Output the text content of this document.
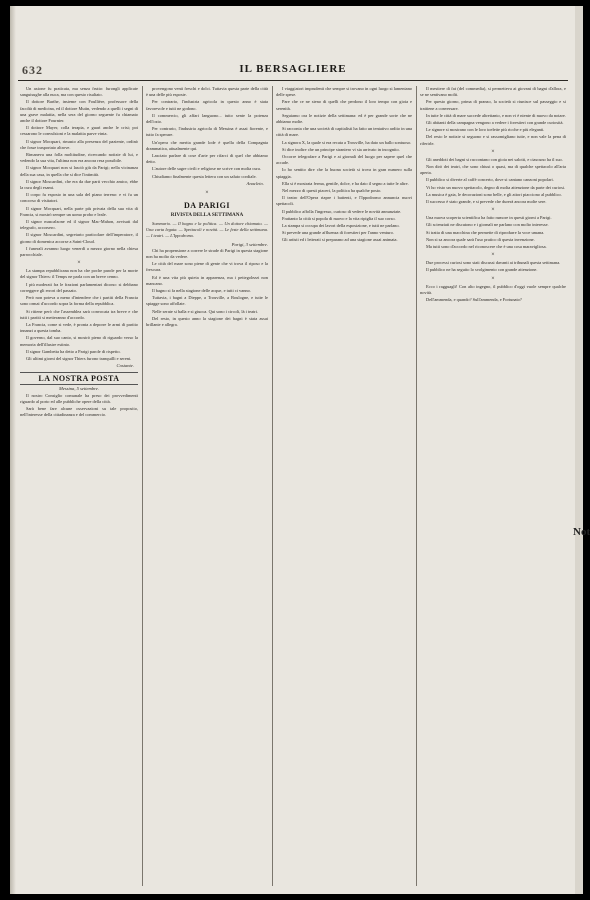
632	IL BERSAGLIERE

Un axione fu praticata, ma senza frutto: furongli applicate sanguisughe alla nuca, ma con questo risultato.

Il dottore Barthe, insieme con Foullière, professore della facoltà di medicina, ed il dottore Mutin, vedendo a quelli i segni di una grave malattia, nella sera del giorno seguente fu chiamato anche il dottore Fournier.

Il dottore Mayer, colla terapia, e guarì anche le crisi; poi cessarono le convulsioni e la malattia parve vinta.

Il signor Mocquart, rimasto alla presenza del paziente, ordinò che fosse trasportato altrove.

Rimaneva una folla moltitudine, ricercando notizie di lui, e vedendo la sua vita, l'ultima non era ancora resa possibile.

Il signor Mocquart non si lasciò giù da Parigi; nella vicinanza della sua casa, in quella che si dice l'intimità.

Il signor Moscardini, che era da due parti vecchio amico, ebbe la cura degli esami.

Il corpo fu esposto in una sala del piano terreno: e vi fu un concorso di visitatori.

Il signor Mocquart, nella parte più privata della sua vita di Francia, si mostrò sempre un uomo probo e leale.

Il signor mascalzone ed il signor Mac-Mahon, avvisati dal telegrafo, accorsero.

Il signor Moscardini, segretario particolare dell'imperatore, il giorno di domenica accorse a Saint-Cloud.

I funerali avranno luogo venerdì a mezzo giorno nella chiesa parrocchiale.

×

La stampa repubblicana non ha che poche parole per la morte del signor Thiers: il Temps ne parla con un breve cenno.

I più moderati fra le frazioni parlamentari dicono: si debbano correggere gli errori del passato.

Però non poteva a meno d'intendere che i partiti della Francia sono ormai d'accordo sopra la forma della repubblica.

Si ritiene però che l'assemblea sarà convocata tra breve e che tutti i partiti si metteranno d'accordo.

La Francia, come si vede, è pronta a deporre le armi di partito innanzi a questa tomba.

Il governo, dal suo canto, si mostrò pieno di riguardo verso la memoria dell'illustre estinto.

Il signor Gambetta ha detto a Parigi parole di rispetto.

Gli ultimi giorni del signor Thiers furono tranquilli e sereni.

Costante.
LA NOSTRA POSTA
Messina, 5 settembre.

Il nostro Consiglio comunale ha preso dei provvedimenti riguardo al porto ed alle pubbliche opere della città.

Sarà bene fare alcune osservazioni su tale proposito, nell'interesse della cittadinanza e del commercio.

provengono venti freschi e dolci. Tuttavia questa parte della città è una delle più esposte.

Per contrario, l'industria agricola in questo anno è stata favorevole e tutti ne godono.

Il commercio, gli affari languono... tutto sente la potenza dell'ozio.

Per contrario, l'industria agricola di Messina è assai fiorente, e tutto fa sperare.

Un'opera che merita grande lode è quella della Compagnia drammatica, attualmente qui.

Lasciato parlare di cose d'arte per rifarci di quel che abbiamo detto.

L'autore delle sagre civili e religiose ne scrive con molta cura.

Chiudiamo finalmente questa lettera con un saluto cordiale.

Anacleto.
×
DA PARIGI
RIVISTA DELLA SETTIMANA

Sommario. — Il bagno e la politica. — Un dottore chiamato. — Una carta legata. — Spettacoli e novità. — Le feste della settimana. — I teatri. — L'Ippodromo.

Parigi, 3 settembre.

Chi ha propensione a correre le strade di Parigi in questa stagione non ha molto da vedere.

Le città del mare sono piene di gente che vi trova il riposo e la frescura.

Ed è una vita più quieta in apparenza, ma i pettegolezzi non mancano.

Il bagno si fa nella stagione delle acque, e tutti ci vanno.

Tuttavia, i bagni a Dieppe, a Trouville, a Boulogne, e tutte le spiagge sono affollate.

Nelle serate si balla e si giuoca. Qui sono i circoli, là i teatri.

Del resto, in questo anno la stagione dei bagni è stata assai brillante e allegra.

I viaggiatori imprudenti che sempre si trovano in ogni luogo si lamentano delle spese.

Pare che ce ne sieno di quelli che perdono il loro tempo con gioia e serenità.

Seguiamo ora le notizie della settimana: ed è per grande sorte che ne abbiamo molte.

Si racconta che una società di capitalisti ha fatto un tentativo ardito in una città di mare.

La signora X, la quale si era recata a Trouville, ha dato un ballo sontuoso.

Si dice inoltre che un principe straniero vi sia arrivato in incognito.

Occorre telegrafare a Parigi e ai giornali del luogo per sapere quel che accade.

Io ho sentito dire che la buona società si trova in gran numero sulla spiaggia.

Ella si è mostrata ferma, gentile, dolce, e ha dato il segno a tutte le altre.

Nel mezzo di questi piaceri, la politica ha qualche posto.

Il teatro dell'Opera riapre i battenti, e l'Ippodromo annuncia nuovi spettacoli.

Il pubblico affolla l'ingresso, curioso di vedere le novità annunziate.

Frattanto la città si popola di nuovo e la vita ripiglia il suo corso.

La stampa si occupa dei lavori della esposizione, e tutti ne parlano.

Si prevede una grande affluenza di forestieri per l'anno venturo.

Gli artisti ed i letterati si preparano ad una stagione assai animata.

Il mestiere di fat (del commedia), si permetteva ai giovani di bagni d'allora, e se ne sentivano molti.

Per questo giorno, prima di pranzo, la società si riunisce sul passeggio e si trattiene a conversare.

In tutte le città di mare succede altrettanto, e non vi è niente di nuovo da notare.

Gli abitanti della campagna vengono a vedere i forestieri con grande curiosità.

Le signore si mostrano con le loro toelette più ricche e più eleganti.

Del resto le notizie si seguono e si rassomigliano tutte, e non vale la pena di riferirle.

×

Gli aneddoti dei bagni si raccontano con gioia nei salotti, e ciascuno ha il suo.

Non dirò dei teatri, che sono chiusi o quasi, ma di qualche spettacolo all'aria aperta.

Il pubblico si diverte al caffè concerto, dove si cantano canzoni popolari.

Vi ho visto un nuovo spettacolo, degno di molta attenzione da parte dei curiosi.

La musica è gaia, le decorazioni sono belle, e gli attori piacciono al pubblico.

Il successo è stato grande, e si prevede che durerà ancora molte sere.

×

Una nuova scoperta scientifica ha fatto rumore in questi giorni a Parigi.

Gli scienziati ne discutono e i giornali ne parlano con molto interesse.

Si tratta di una macchina che permette di riprodurre la voce umana.

Non si sa ancora quale sarà l'uso pratico di questa invenzione.

Ma tutti sono d'accordo nel riconoscere che è una cosa maravigliosa.

×

Due processi curiosi sono stati discussi davanti ai tribunali questa settimana.

Il pubblico ne ha seguito lo svolgimento con grande attenzione.

×

Ecco i ragguagli! Con alto ingegno, il pubblico d'oggi vuole sempre qualche novità.

Dell'ammenda, e quando? Sull'ammenda, e Fortunato?

Not
